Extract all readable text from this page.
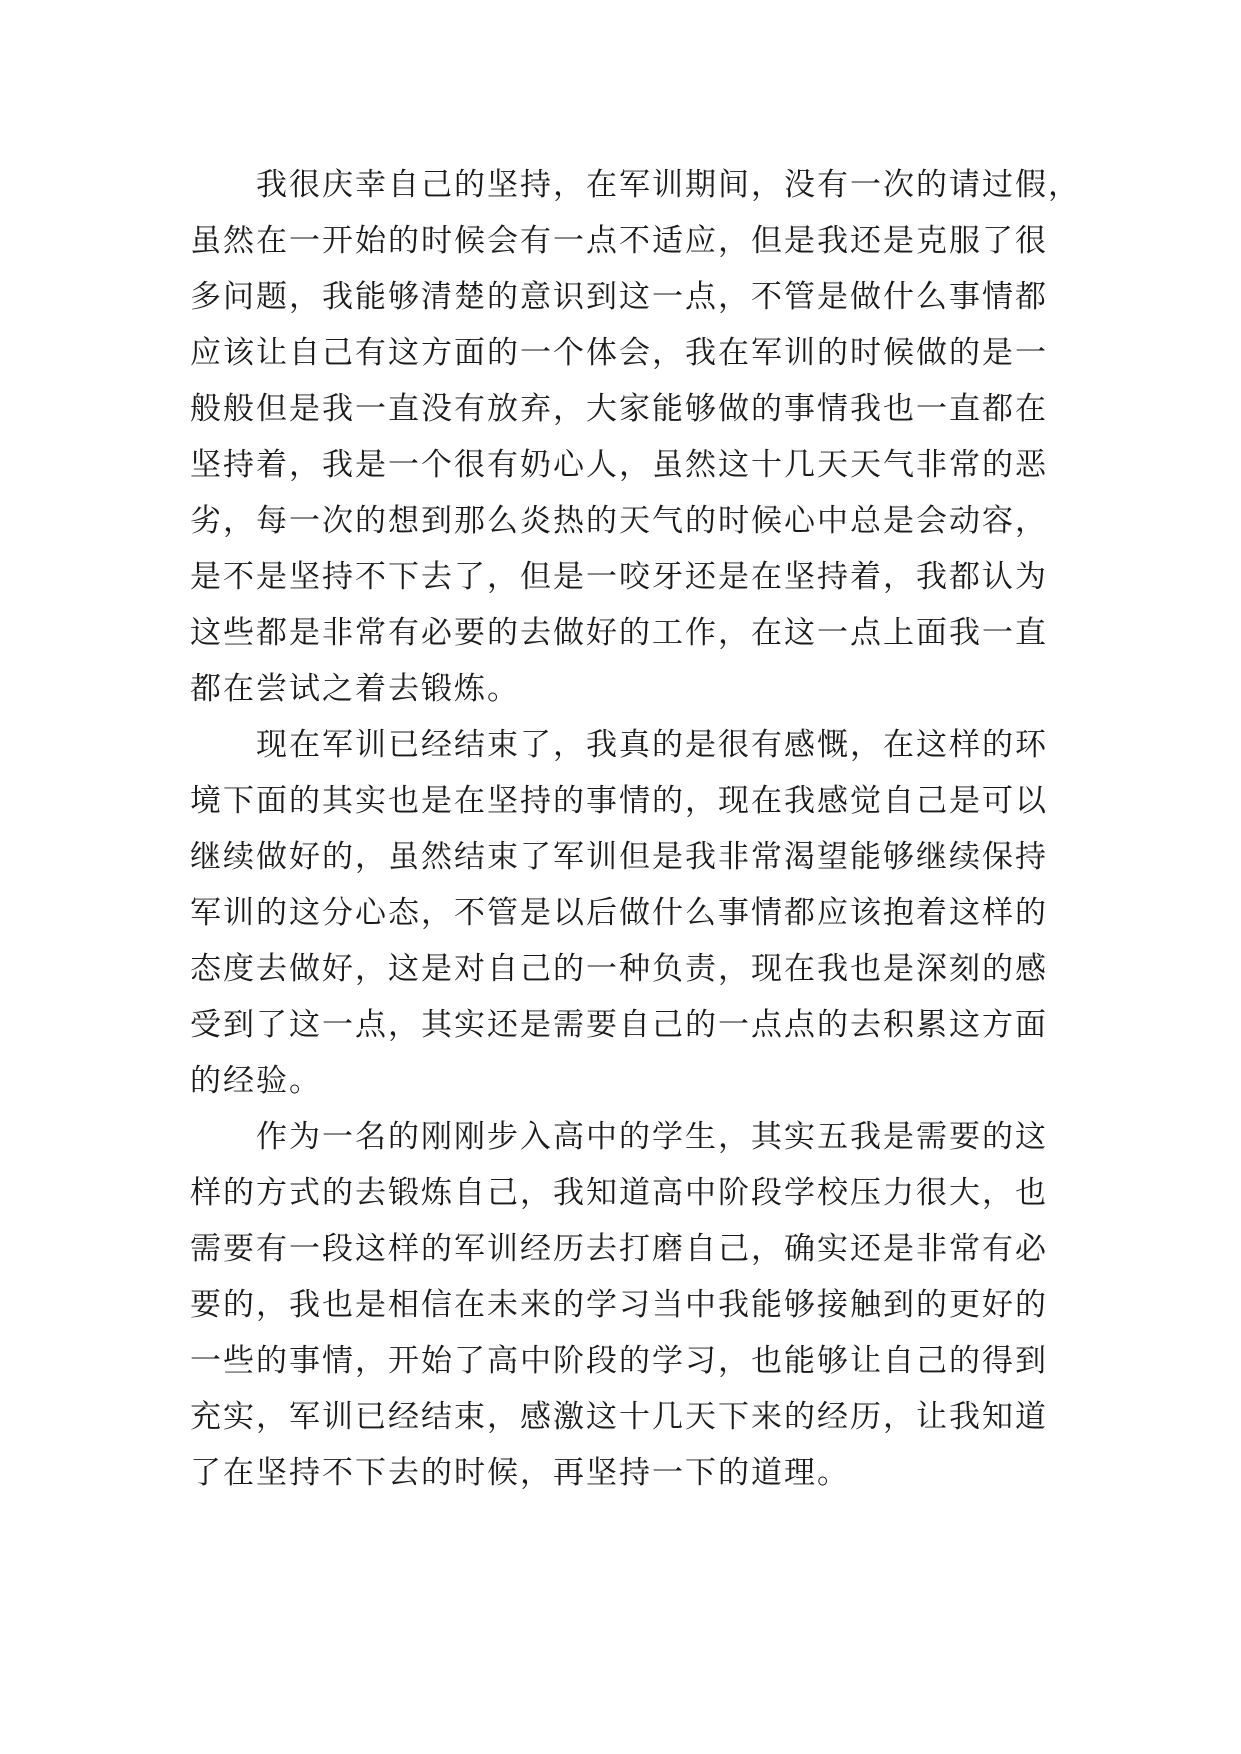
我很庆幸自己的坚持，在军训期间，没有一次的请过假，
虽然在一开始的时候会有一点不适应，但是我还是克服了很
多问题，我能够清楚的意识到这一点，不管是做什么事情都
应该让自己有这方面的一个体会，我在军训的时候做的是一
般般但是我一直没有放弃，大家能够做的事情我也一直都在
坚持着，我是一个很有奶心人，虽然这十几天天气非常的恶
劣，每一次的想到那么炎热的天气的时候心中总是会动容，
是不是坚持不下去了，但是一咬牙还是在坚持着，我都认为
这些都是非常有必要的去做好的工作，在这一点上面我一直
都在尝试之着去锻炼。
现在军训已经结束了，我真的是很有感慨，在这样的环
境下面的其实也是在坚持的事情的，现在我感觉自己是可以
继续做好的，虽然结束了军训但是我非常渴望能够继续保持
军训的这分心态，不管是以后做什么事情都应该抱着这样的
态度去做好，这是对自己的一种负责，现在我也是深刻的感
受到了这一点，其实还是需要自己的一点点的去积累这方面
的经验。
作为一名的刚刚步入高中的学生，其实五我是需要的这
样的方式的去锻炼自己，我知道高中阶段学校压力很大，也
需要有一段这样的军训经历去打磨自己，确实还是非常有必
要的，我也是相信在未来的学习当中我能够接触到的更好的
一些的事情，开始了高中阶段的学习，也能够让自己的得到
充实，军训已经结束，感激这十几天下来的经历，让我知道
了在坚持不下去的时候，再坚持一下的道理。
